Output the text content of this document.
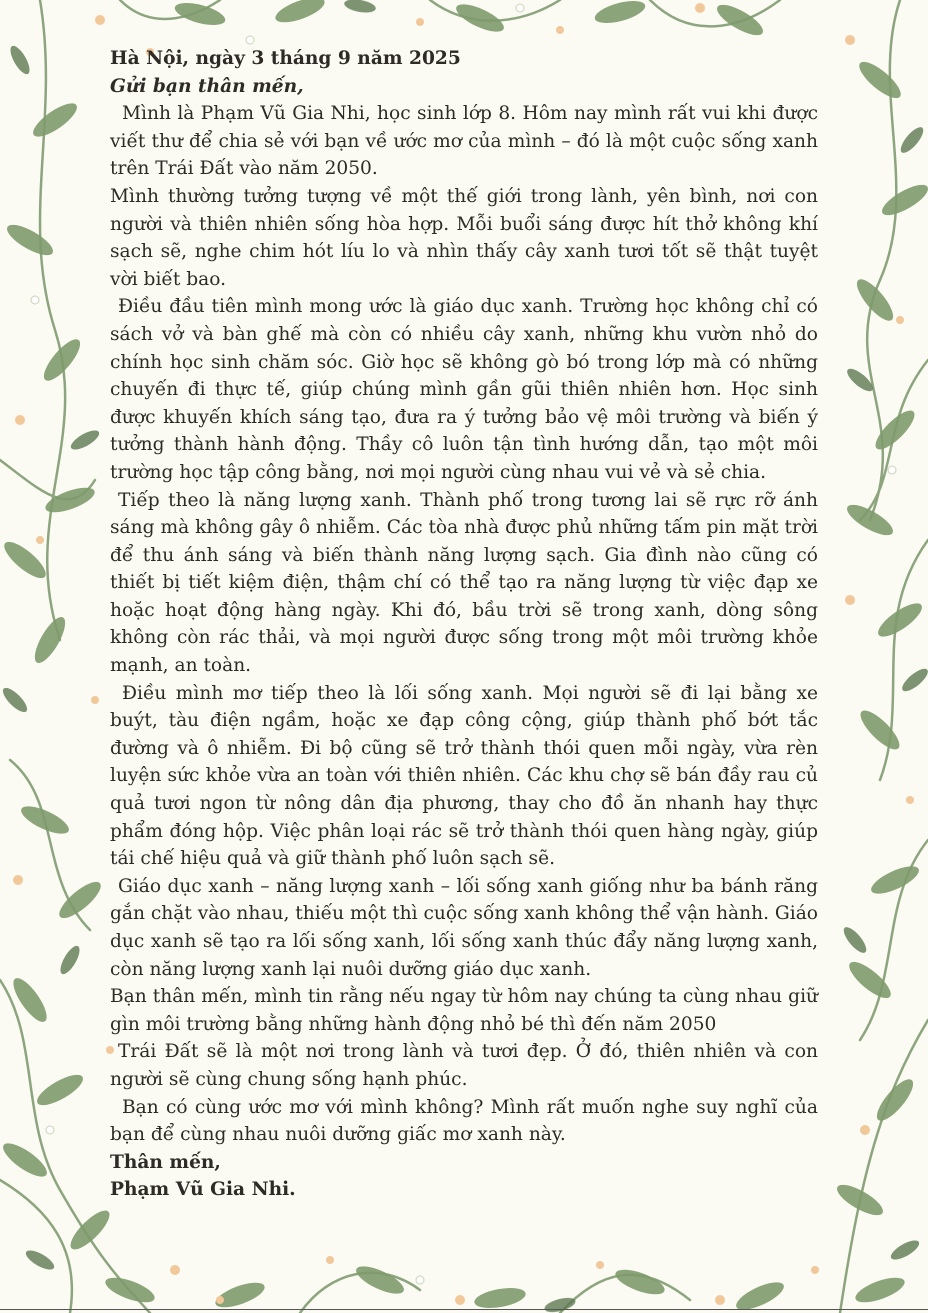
Hà Nội, ngày 3 tháng 9 năm 2025
Gửi bạn thân mến,

Mình là Phạm Vũ Gia Nhi, học sinh lớp 8. Hôm nay mình rất vui khi được viết thư để chia sẻ với bạn về ước mơ của mình – đó là một cuộc sống xanh trên Trái Đất vào năm 2050.

Mình thường tưởng tượng về một thế giới trong lành, yên bình, nơi con người và thiên nhiên sống hòa hợp. Mỗi buổi sáng được hít thở không khí sạch sẽ, nghe chim hót líu lo và nhìn thấy cây xanh tươi tốt sẽ thật tuyệt vời biết bao.

Điều đầu tiên mình mong ước là giáo dục xanh. Trường học không chỉ có sách vở và bàn ghế mà còn có nhiều cây xanh, những khu vườn nhỏ do chính học sinh chăm sóc. Giờ học sẽ không gò bó trong lớp mà có những chuyến đi thực tế, giúp chúng mình gần gũi thiên nhiên hơn. Học sinh được khuyến khích sáng tạo, đưa ra ý tưởng bảo vệ môi trường và biến ý tưởng thành hành động. Thầy cô luôn tận tình hướng dẫn, tạo một môi trường học tập công bằng, nơi mọi người cùng nhau vui vẻ và sẻ chia.

Tiếp theo là năng lượng xanh. Thành phố trong tương lai sẽ rực rỡ ánh sáng mà không gây ô nhiễm. Các tòa nhà được phủ những tấm pin mặt trời để thu ánh sáng và biến thành năng lượng sạch. Gia đình nào cũng có thiết bị tiết kiệm điện, thậm chí có thể tạo ra năng lượng từ việc đạp xe hoặc hoạt động hàng ngày. Khi đó, bầu trời sẽ trong xanh, dòng sông không còn rác thải, và mọi người được sống trong một môi trường khỏe mạnh, an toàn.

Điều mình mơ tiếp theo là lối sống xanh. Mọi người sẽ đi lại bằng xe buýt, tàu điện ngầm, hoặc xe đạp công cộng, giúp thành phố bớt tắc đường và ô nhiễm. Đi bộ cũng sẽ trở thành thói quen mỗi ngày, vừa rèn luyện sức khỏe vừa an toàn với thiên nhiên. Các khu chợ sẽ bán đầy rau củ quả tươi ngon từ nông dân địa phương, thay cho đồ ăn nhanh hay thực phẩm đóng hộp. Việc phân loại rác sẽ trở thành thói quen hàng ngày, giúp tái chế hiệu quả và giữ thành phố luôn sạch sẽ.

Giáo dục xanh – năng lượng xanh – lối sống xanh giống như ba bánh răng gắn chặt vào nhau, thiếu một thì cuộc sống xanh không thể vận hành. Giáo dục xanh sẽ tạo ra lối sống xanh, lối sống xanh thúc đẩy năng lượng xanh, còn năng lượng xanh lại nuôi dưỡng giáo dục xanh.

Bạn thân mến, mình tin rằng nếu ngay từ hôm nay chúng ta cùng nhau giữ gìn môi trường bằng những hành động nhỏ bé thì đến năm 2050

Trái Đất sẽ là một nơi trong lành và tươi đẹp. Ở đó, thiên nhiên và con người sẽ cùng chung sống hạnh phúc.

Bạn có cùng ước mơ với mình không? Mình rất muốn nghe suy nghĩ của bạn để cùng nhau nuôi dưỡng giấc mơ xanh này.

Thân mến,
Phạm Vũ Gia Nhi.
